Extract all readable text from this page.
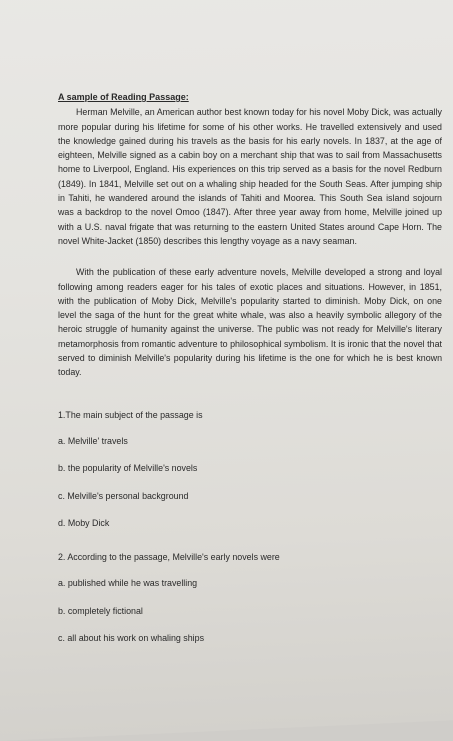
A sample of Reading Passage:

Herman Melville, an American author best known today for his novel Moby Dick, was actually more popular during his lifetime for some of his other works. He travelled extensively and used the knowledge gained during his travels as the basis for his early novels. In 1837, at the age of eighteen, Melville signed as a cabin boy on a merchant ship that was to sail from Massachusetts home to Liverpool, England. His experiences on this trip served as a basis for the novel Redburn (1849). In 1841, Melville set out on a whaling ship headed for the South Seas. After jumping ship in Tahiti, he wandered around the islands of Tahiti and Moorea. This South Sea island sojourn was a backdrop to the novel Omoo (1847). After three year away from home, Melville joined up with a U.S. naval frigate that was returning to the eastern United States around Cape Horn. The novel White-Jacket (1850) describes this lengthy voyage as a navy seaman.

With the publication of these early adventure novels, Melville developed a strong and loyal following among readers eager for his tales of exotic places and situations. However, in 1851, with the publication of Moby Dick, Melville's popularity started to diminish. Moby Dick, on one level the saga of the hunt for the great white whale, was also a heavily symbolic allegory of the heroic struggle of humanity against the universe. The public was not ready for Melville's literary metamorphosis from romantic adventure to philosophical symbolism. It is ironic that the novel that served to diminish Melville's popularity during his lifetime is the one for which he is best known today.

1.The main subject of the passage is

a. Melville' travels

b. the popularity of Melville's novels

c. Melville's personal background

d. Moby Dick

2. According to the passage, Melville's early novels were

a. published while he was travelling

b. completely fictional

c. all about his work on whaling ships
